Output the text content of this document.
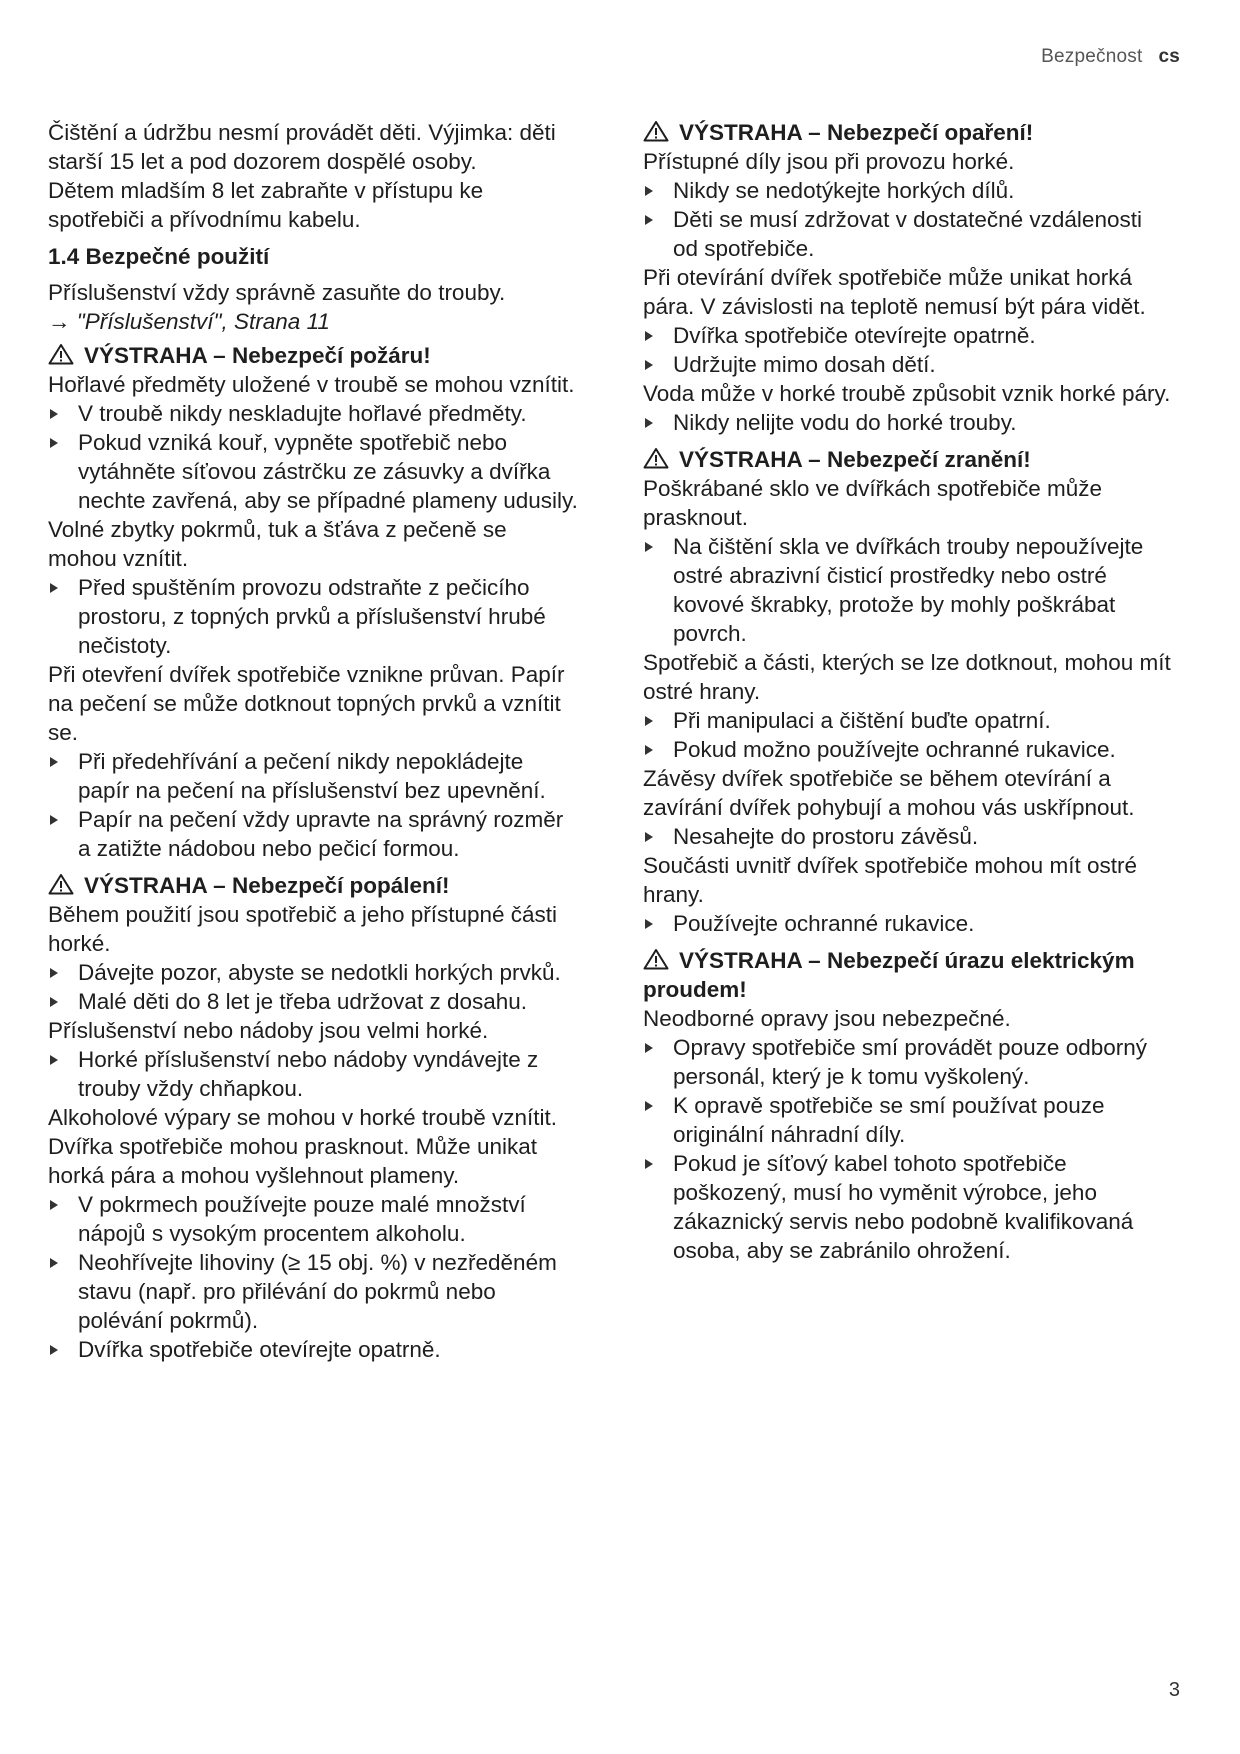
Bezpečnost cs

Čištění a údržbu nesmí provádět děti. Výjimka: děti starší 15 let a pod dozorem dospělé osoby.

Dětem mladším 8 let zabraňte v přístupu ke spotřebiči a přívodnímu kabelu.

1.4 Bezpečné použití

Příslušenství vždy správně zasuňte do trouby.

→ "Příslušenství", Strana 11

VÝSTRAHA – Nebezpečí požáru!

Hořlavé předměty uložené v troubě se mohou vznítit.

V troubě nikdy neskladujte hořlavé předměty.
Pokud vzniká kouř, vypněte spotřebič nebo vytáhněte síťovou zástrčku ze zásuvky a dvířka nechte zavřená, aby se případné plameny udusily.

Volné zbytky pokrmů, tuk a šťáva z pečeně se mohou vznítit.

Před spuštěním provozu odstraňte z pečicího prostoru, z topných prvků a příslušenství hrubé nečistoty.

Při otevření dvířek spotřebiče vznikne průvan. Papír na pečení se může dotknout topných prvků a vznítit se.

Při předehřívání a pečení nikdy nepokládejte papír na pečení na příslušenství bez upevnění.
Papír na pečení vždy upravte na správný rozměr a zatižte nádobou nebo pečicí formou.

VÝSTRAHA – Nebezpečí popálení!

Během použití jsou spotřebič a jeho přístupné části horké.

Dávejte pozor, abyste se nedotkli horkých prvků.
Malé děti do 8 let je třeba udržovat z dosahu.

Příslušenství nebo nádoby jsou velmi horké.

Horké příslušenství nebo nádoby vyndávejte z trouby vždy chňapkou.

Alkoholové výpary se mohou v horké troubě vznítit. Dvířka spotřebiče mohou prasknout. Může unikat horká pára a mohou vyšlehnout plameny.

V pokrmech používejte pouze malé množství nápojů s vysokým procentem alkoholu.
Neohřívejte lihoviny (≥ 15 obj. %) v nezředěném stavu (např. pro přilévání do pokrmů nebo polévání pokrmů).
Dvířka spotřebiče otevírejte opatrně.

VÝSTRAHA – Nebezpečí opaření!

Přístupné díly jsou při provozu horké.

Nikdy se nedotýkejte horkých dílů.
Děti se musí zdržovat v dostatečné vzdálenosti od spotřebiče.

Při otevírání dvířek spotřebiče může unikat horká pára. V závislosti na teplotě nemusí být pára vidět.

Dvířka spotřebiče otevírejte opatrně.
Udržujte mimo dosah dětí.

Voda může v horké troubě způsobit vznik horké páry.

Nikdy nelijte vodu do horké trouby.

VÝSTRAHA – Nebezpečí zranění!

Poškrábané sklo ve dvířkách spotřebiče může prasknout.

Na čištění skla ve dvířkách trouby nepoužívejte ostré abrazivní čisticí prostředky nebo ostré kovové škrabky, protože by mohly poškrábat povrch.

Spotřebič a části, kterých se lze dotknout, mohou mít ostré hrany.

Při manipulaci a čištění buďte opatrní.
Pokud možno používejte ochranné rukavice.

Závěsy dvířek spotřebiče se během otevírání a zavírání dvířek pohybují a mohou vás uskřípnout.

Nesahejte do prostoru závěsů.

Součásti uvnitř dvířek spotřebiče mohou mít ostré hrany.

Používejte ochranné rukavice.

VÝSTRAHA – Nebezpečí úrazu elektrickým proudem!

Neodborné opravy jsou nebezpečné.

Opravy spotřebiče smí provádět pouze odborný personál, který je k tomu vyškolený.
K opravě spotřebiče se smí používat pouze originální náhradní díly.
Pokud je síťový kabel tohoto spotřebiče poškozený, musí ho vyměnit výrobce, jeho zákaznický servis nebo podobně kvalifikovaná osoba, aby se zabránilo ohrožení.
3
